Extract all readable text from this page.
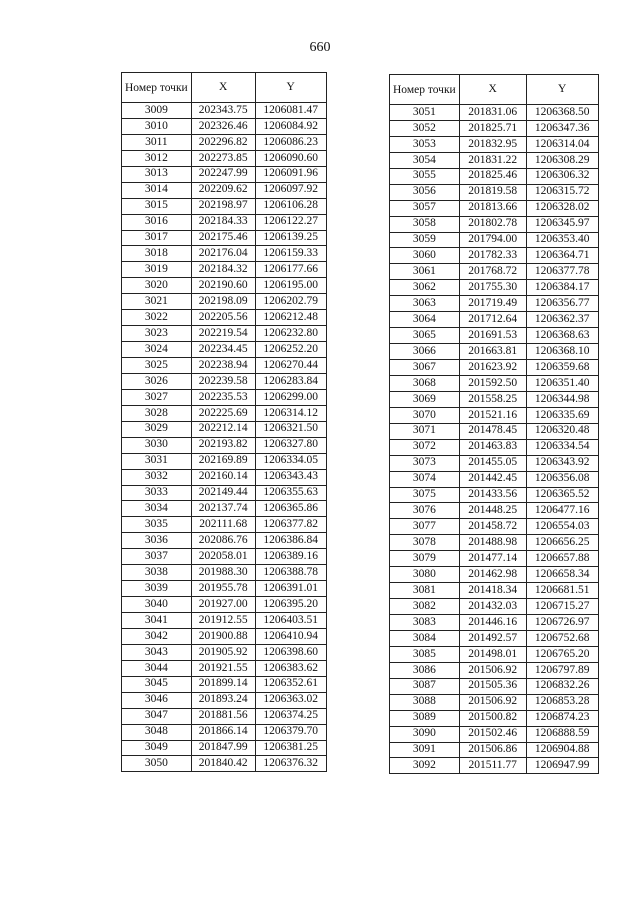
660
Номер точки	X	Y
3009	202343.75	1206081.47
3010	202326.46	1206084.92
3011	202296.82	1206086.23
3012	202273.85	1206090.60
3013	202247.99	1206091.96
3014	202209.62	1206097.92
3015	202198.97	1206106.28
3016	202184.33	1206122.27
3017	202175.46	1206139.25
3018	202176.04	1206159.33
3019	202184.32	1206177.66
3020	202190.60	1206195.00
3021	202198.09	1206202.79
3022	202205.56	1206212.48
3023	202219.54	1206232.80
3024	202234.45	1206252.20
3025	202238.94	1206270.44
3026	202239.58	1206283.84
3027	202235.53	1206299.00
3028	202225.69	1206314.12
3029	202212.14	1206321.50
3030	202193.82	1206327.80
3031	202169.89	1206334.05
3032	202160.14	1206343.43
3033	202149.44	1206355.63
3034	202137.74	1206365.86
3035	202111.68	1206377.82
3036	202086.76	1206386.84
3037	202058.01	1206389.16
3038	201988.30	1206388.78
3039	201955.78	1206391.01
3040	201927.00	1206395.20
3041	201912.55	1206403.51
3042	201900.88	1206410.94
3043	201905.92	1206398.60
3044	201921.55	1206383.62
3045	201899.14	1206352.61
3046	201893.24	1206363.02
3047	201881.56	1206374.25
3048	201866.14	1206379.70
3049	201847.99	1206381.25
3050	201840.42	1206376.32
Номер точки	X	Y
3051	201831.06	1206368.50
3052	201825.71	1206347.36
3053	201832.95	1206314.04
3054	201831.22	1206308.29
3055	201825.46	1206306.32
3056	201819.58	1206315.72
3057	201813.66	1206328.02
3058	201802.78	1206345.97
3059	201794.00	1206353.40
3060	201782.33	1206364.71
3061	201768.72	1206377.78
3062	201755.30	1206384.17
3063	201719.49	1206356.77
3064	201712.64	1206362.37
3065	201691.53	1206368.63
3066	201663.81	1206368.10
3067	201623.92	1206359.68
3068	201592.50	1206351.40
3069	201558.25	1206344.98
3070	201521.16	1206335.69
3071	201478.45	1206320.48
3072	201463.83	1206334.54
3073	201455.05	1206343.92
3074	201442.45	1206356.08
3075	201433.56	1206365.52
3076	201448.25	1206477.16
3077	201458.72	1206554.03
3078	201488.98	1206656.25
3079	201477.14	1206657.88
3080	201462.98	1206658.34
3081	201418.34	1206681.51
3082	201432.03	1206715.27
3083	201446.16	1206726.97
3084	201492.57	1206752.68
3085	201498.01	1206765.20
3086	201506.92	1206797.89
3087	201505.36	1206832.26
3088	201506.92	1206853.28
3089	201500.82	1206874.23
3090	201502.46	1206888.59
3091	201506.86	1206904.88
3092	201511.77	1206947.99
